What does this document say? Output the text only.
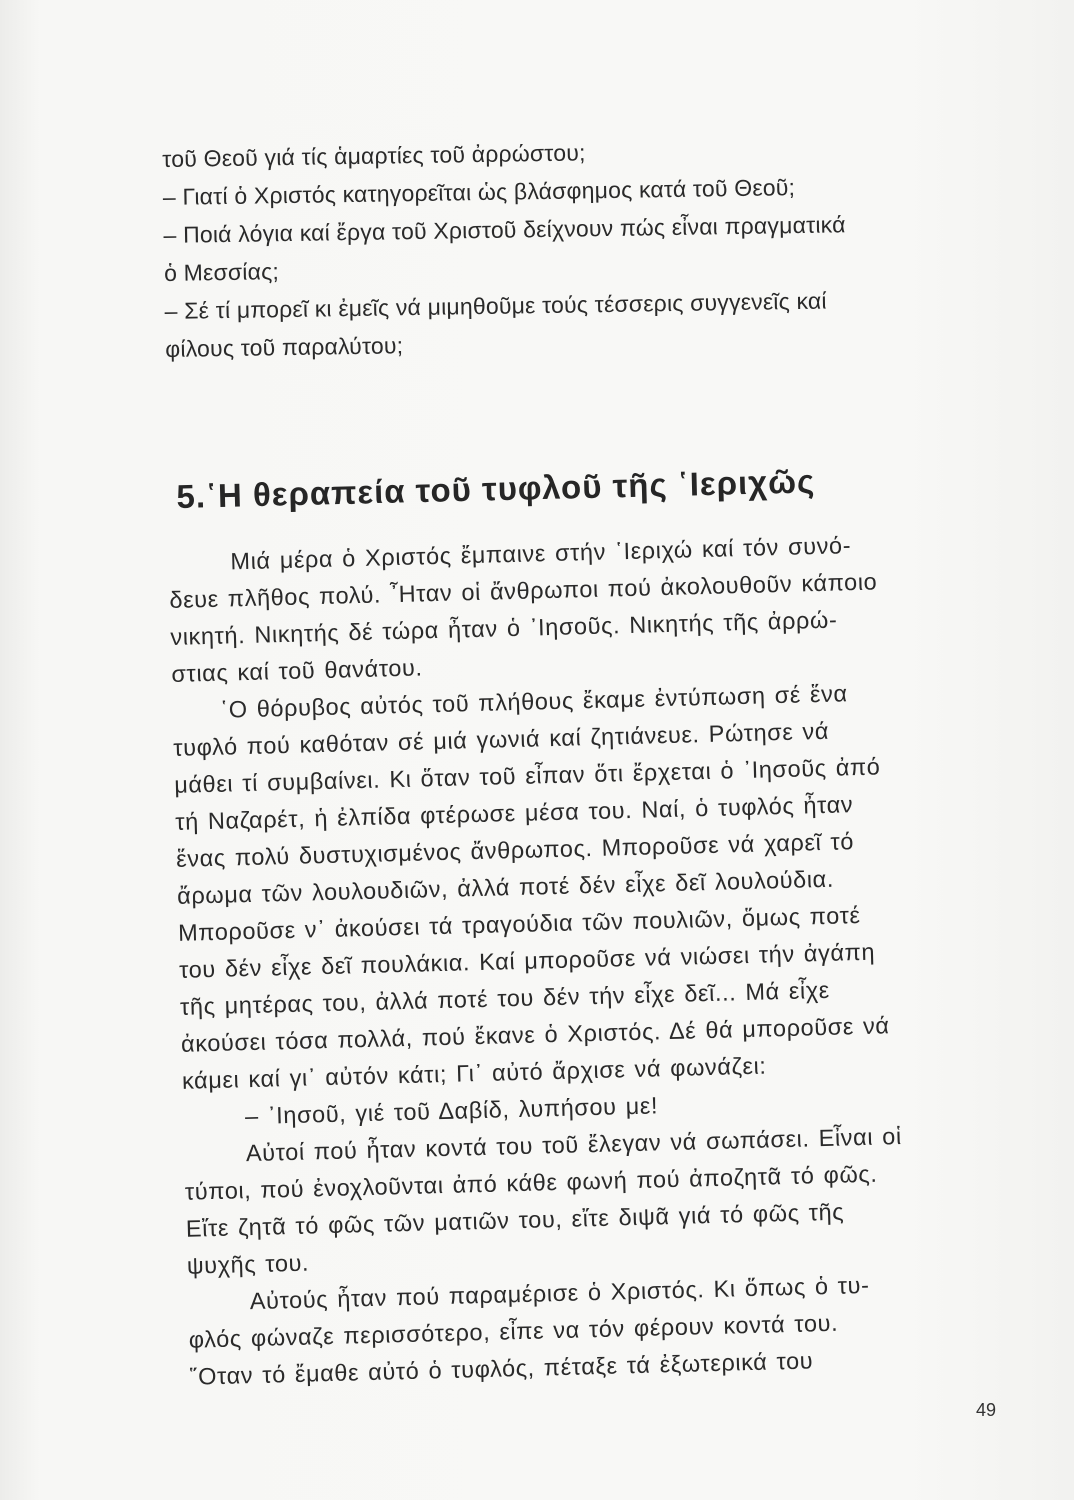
τοῦ Θεοῦ γιά τίς ἁμαρτίες τοῦ ἀρρώστου;
– Γιατί ὁ Χριστός κατηγορεῖται ὡς βλάσφημος κατά τοῦ Θεοῦ;
– Ποιά λόγια καί ἔργα τοῦ Χριστοῦ δείχνουν πώς εἶναι πραγματικά
ὁ Μεσσίας;
– Σέ τί μπορεῖ κι ἐμεῖς νά μιμηθοῦμε τούς τέσσερις συγγενεῖς καί
φίλους τοῦ παραλύτου;
5.῾Η θεραπεία τοῦ τυφλοῦ τῆς ῾Ιεριχῶς
Μιά μέρα ὁ Χριστός ἔμπαινε στήν ῾Ιεριχώ καί τόν συνό-
δευε πλῆθος πολύ. ῏Ηταν οἱ ἄνθρωποι πού ἀκολουθοῦν κάποιο
νικητή. Νικητής δέ τώρα ἦταν ὁ ᾿Ιησοῦς. Νικητής τῆς ἀρρώ-
στιας καί τοῦ θανάτου.
῾Ο θόρυβος αὐτός τοῦ πλήθους ἔκαμε ἐντύπωση σέ ἕνα
τυφλό πού καθόταν σέ μιά γωνιά καί ζητιάνευε. Ρώτησε νά
μάθει τί συμβαίνει. Κι ὅταν τοῦ εἶπαν ὅτι ἔρχεται ὁ ᾿Ιησοῦς ἀπό
τή Ναζαρέτ, ἡ ἐλπίδα φτέρωσε μέσα του. Ναί, ὁ τυφλός ἦταν
ἕνας πολύ δυστυχισμένος ἄνθρωπος. Μποροῦσε νά χαρεῖ τό
ἄρωμα τῶν λουλουδιῶν, ἀλλά ποτέ δέν εἶχε δεῖ λουλούδια.
Μποροῦσε ν᾿ ἀκούσει τά τραγούδια τῶν πουλιῶν, ὅμως ποτέ
του δέν εἶχε δεῖ πουλάκια. Καί μποροῦσε νά νιώσει τήν ἀγάπη
τῆς μητέρας του, ἀλλά ποτέ του δέν τήν εἶχε δεῖ... Μά εἶχε
ἀκούσει τόσα πολλά, πού ἔκανε ὁ Χριστός. Δέ θά μποροῦσε νά
κάμει καί γι᾿ αὐτόν κάτι; Γι᾿ αὐτό ἄρχισε νά φωνάζει:
– ᾿Ιησοῦ, γιέ τοῦ Δαβίδ, λυπήσου με!
Αὐτοί πού ἦταν κοντά του τοῦ ἔλεγαν νά σωπάσει. Εἶναι οἱ
τύποι, πού ἐνοχλοῦνται ἀπό κάθε φωνή πού ἀποζητᾶ τό φῶς.
Εἴτε ζητᾶ τό φῶς τῶν ματιῶν του, εἴτε διψᾶ γιά τό φῶς τῆς
ψυχῆς του.
Αὐτούς ἦταν πού παραμέρισε ὁ Χριστός. Κι ὅπως ὁ τυ-
φλός φώναζε περισσότερο, εἶπε να τόν φέρουν κοντά του.
῞Οταν τό ἔμαθε αὐτό ὁ τυφλός, πέταξε τά ἐξωτερικά του
49
